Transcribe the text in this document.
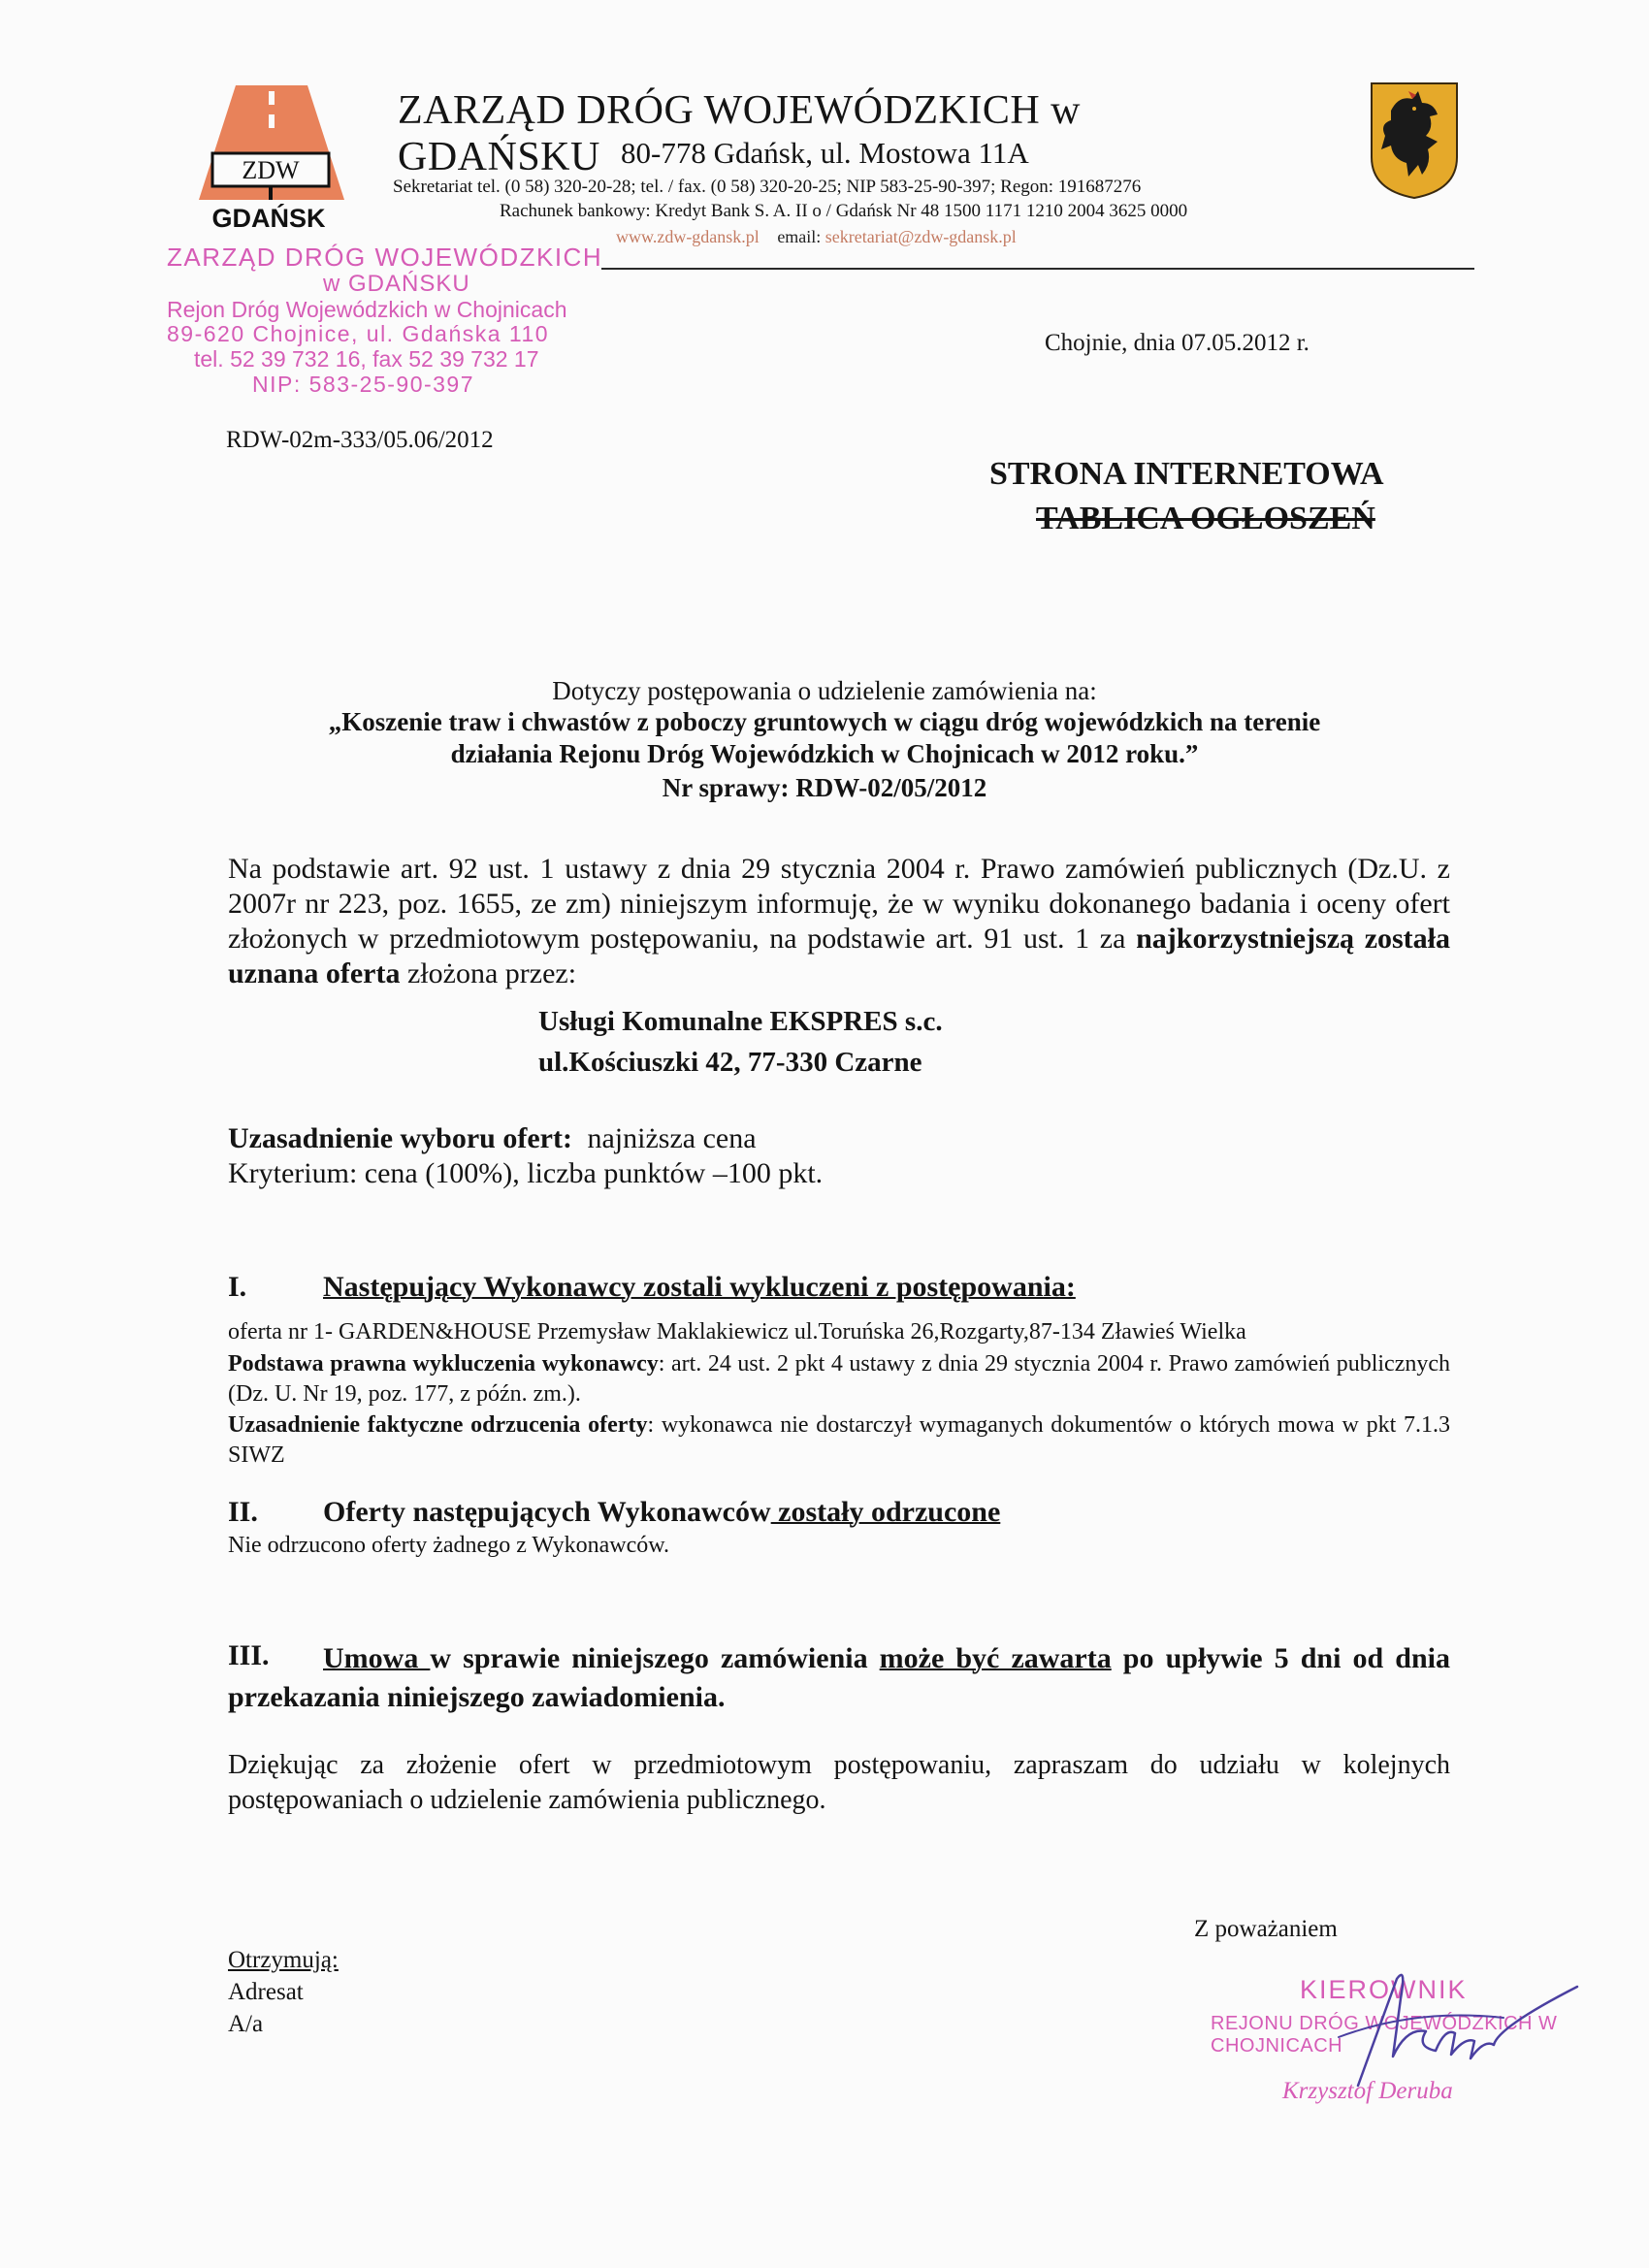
ZDW
GDAŃSK
ZARZĄD DRÓG WOJEWÓDZKICH w GDAŃSKU 80-778 Gdańsk, ul. Mostowa 11A
Sekretariat tel. (0 58) 320-20-28; tel. / fax. (0 58) 320-20-25; NIP 583-25-90-397; Regon: 191687276
Rachunek bankowy: Kredyt Bank S. A. II o / Gdańsk Nr 48 1500 1171 1210 2004 3625 0000
www.zdw-gdansk.pl email: sekretariat@zdw-gdansk.pl
ZARZĄD DRÓG WOJEWÓDZKICH
w GDAŃSKU
Rejon Dróg Wojewódzkich w Chojnicach
89-620 Chojnice, ul. Gdańska 110
tel. 52 39 732 16, fax 52 39 732 17
NIP: 583-25-90-397
Chojnie, dnia 07.05.2012 r.
RDW-02m-333/05.06/2012
STRONA INTERNETOWA
TABLICA OGŁOSZEŃ
Dotyczy postępowania o udzielenie zamówienia na:
„Koszenie traw i chwastów z poboczy gruntowych w ciągu dróg wojewódzkich na terenie
działania Rejonu Dróg Wojewódzkich w Chojnicach w 2012 roku.”
Nr sprawy: RDW-02/05/2012
Na podstawie art. 92 ust. 1 ustawy z dnia 29 stycznia 2004 r. Prawo zamówień publicznych (Dz.U. z 2007r nr 223, poz. 1655, ze zm) niniejszym informuję, że w wyniku dokonanego badania i oceny ofert złożonych w przedmiotowym postępowaniu, na podstawie art. 91 ust. 1 za najkorzystniejszą została uznana oferta złożona przez:
Usługi Komunalne EKSPRES s.c.
ul.Kościuszki 42, 77-330 Czarne
Uzasadnienie wyboru ofert: najniższa cena
Kryterium: cena (100%), liczba punktów –100 pkt.
I.	Następujący Wykonawcy zostali wykluczeni z postępowania:
oferta nr 1- GARDEN&HOUSE Przemysław Maklakiewicz ul.Toruńska 26,Rozgarty,87-134 Zławieś Wielka
Podstawa prawna wykluczenia wykonawcy: art. 24 ust. 2 pkt 4 ustawy z dnia 29 stycznia 2004 r. Prawo zamówień publicznych (Dz. U. Nr 19, poz. 177, z późn. zm.).
Uzasadnienie faktyczne odrzucenia oferty: wykonawca nie dostarczył wymaganych dokumentów o których mowa w pkt 7.1.3 SIWZ
II. Oferty następujących Wykonawców zostały odrzucone
Nie odrzucono oferty żadnego z Wykonawców.
III.	Umowa w sprawie niniejszego zamówienia może być zawarta po upływie 5 dni od dnia przekazania niniejszego zawiadomienia.
Dziękując za złożenie ofert w przedmiotowym postępowaniu, zapraszam do udziału w kolejnych postępowaniach o udzielenie zamówienia publicznego.
Z poważaniem
Otrzymują:
Adresat
A/a
KIEROWNIK
REJONU DRÓG WOJEWÓDZKICH W CHOJNICACH
Krzysztof Deruba
